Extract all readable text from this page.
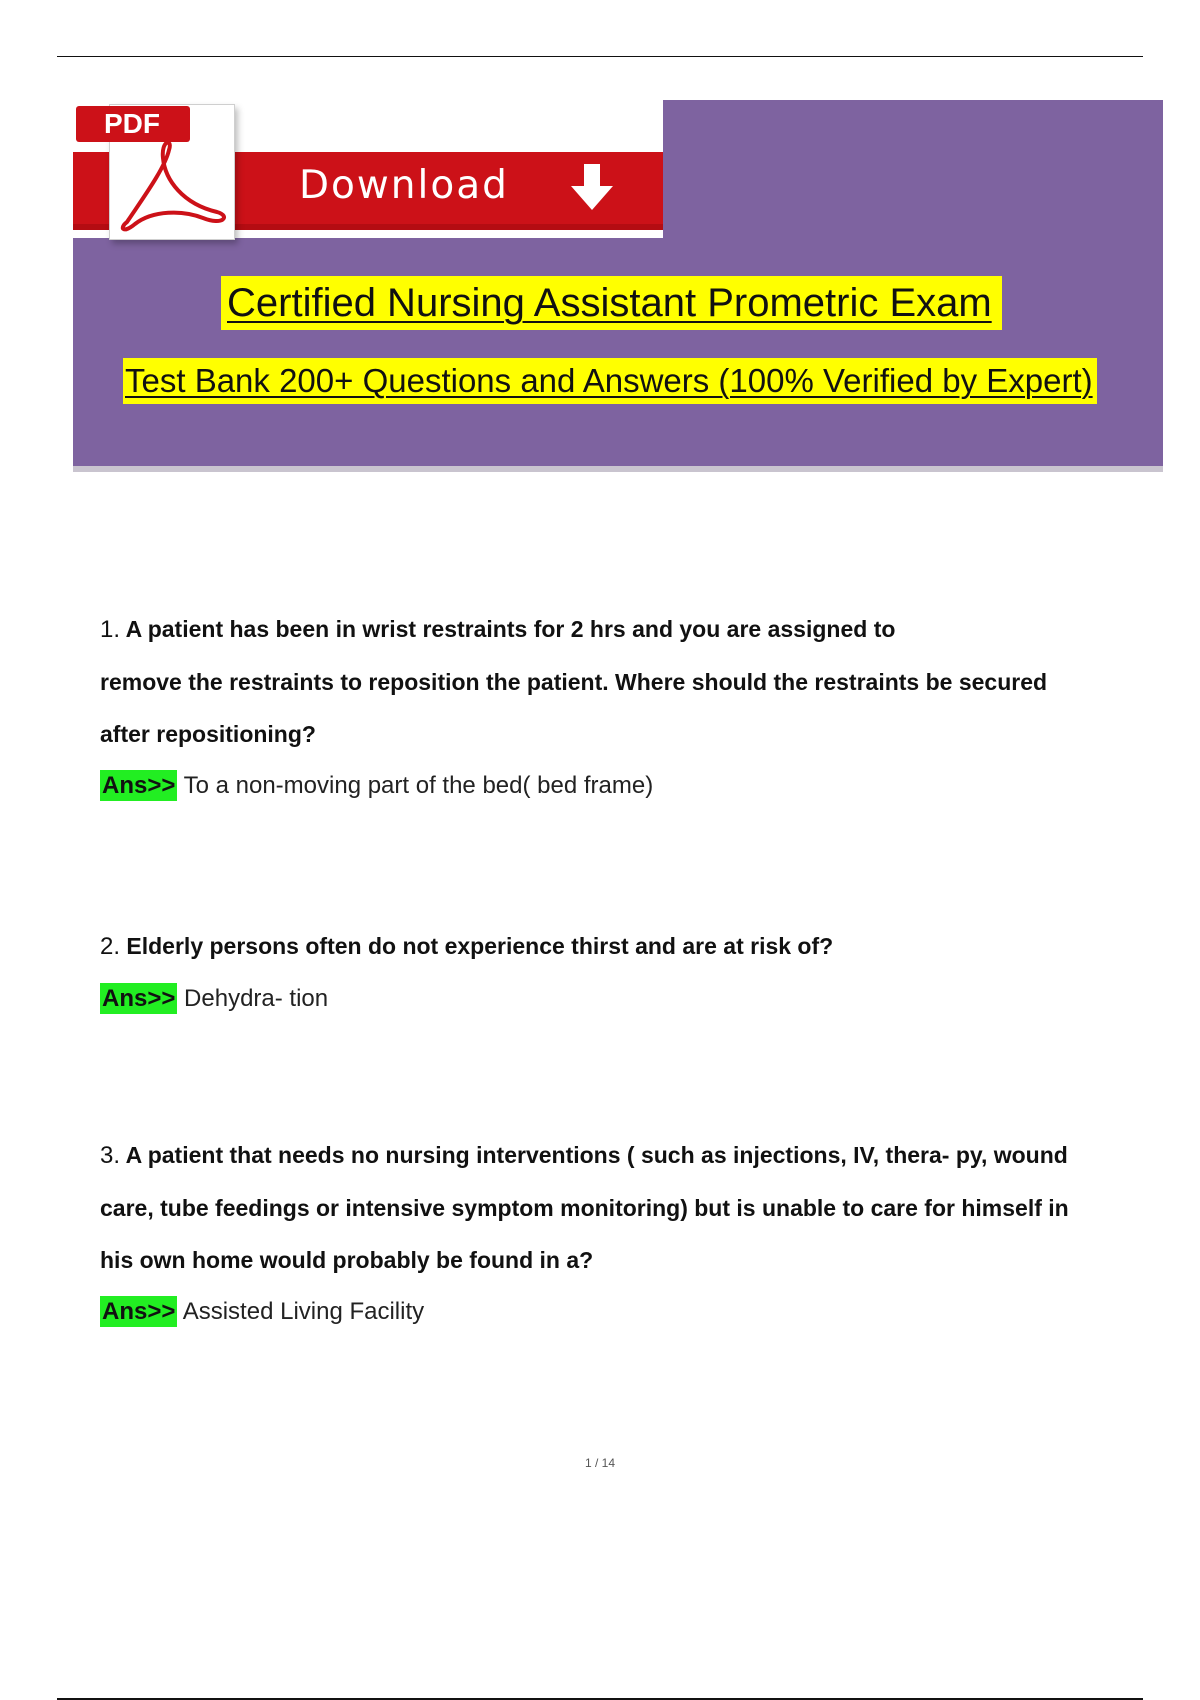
Download
PDF
Certified Nursing Assistant Prometric Exam
Test Bank 200+ Questions and Answers (100% Verified by Expert)
1. A patient has been in wrist restraints for 2 hrs and you are assigned to
remove the restraints to reposition the patient. Where should the restraints be secured
after repositioning?
Ans>> To a non-moving part of the bed( bed frame)
2. Elderly persons often do not experience thirst and are at risk of?
Ans>> Dehydra- tion
3. A patient that needs no nursing interventions ( such as injections, IV, thera- py, wound
care, tube feedings or intensive symptom monitoring) but is unable to care for himself in
his own home would probably be found in a?
Ans>> Assisted Living Facility
1 / 14
